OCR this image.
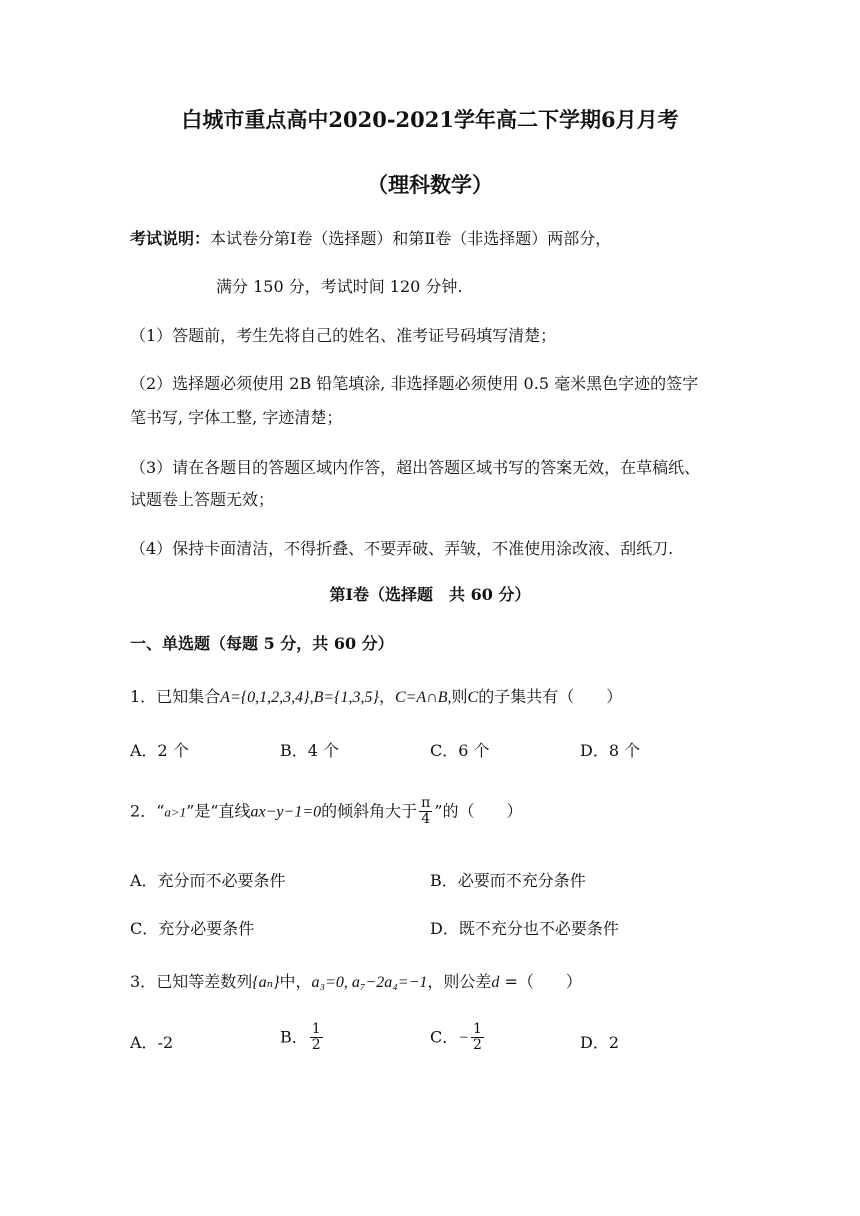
白城市重点高中2020-2021学年高二下学期6月月考
（理科数学）
考试说明：本试卷分第Ⅰ卷（选择题）和第Ⅱ卷（非选择题）两部分，
满分 150 分，考试时间 120 分钟.
（1）答题前，考生先将自己的姓名、准考证号码填写清楚；
（2）选择题必须使用 2B 铅笔填涂, 非选择题必须使用 0.5 毫米黑色字迹的签字
笔书写, 字体工整, 字迹清楚；
（3）请在各题目的答题区域内作答，超出答题区域书写的答案无效，在草稿纸、
试题卷上答题无效；
（4）保持卡面清洁，不得折叠、不要弄破、弄皱，不准使用涂改液、刮纸刀.
第Ⅰ卷（选择题　共 60 分）
一、单选题（每题 5 分，共 60 分）
1．已知集合A={0,1,2,3,4},B={1,3,5}，C=A∩B,则C的子集共有（　　）
A．2 个	B．4 个	C．6 个	D．8 个
2．“a>1”是“直线ax−y−1=0的倾斜角大于 $\frac{\pi}{4}$ ”的（　　）
A．充分而不必要条件	B．必要而不充分条件
C．充分必要条件	D．既不充分也不必要条件
3．已知等差数列{aₙ}中，a₃=0, a₇−2a₄=−1，则公差d =（　　）
A．-2	B． $\frac{1}{2}$	C．− $\frac{1}{2}$	D．2
